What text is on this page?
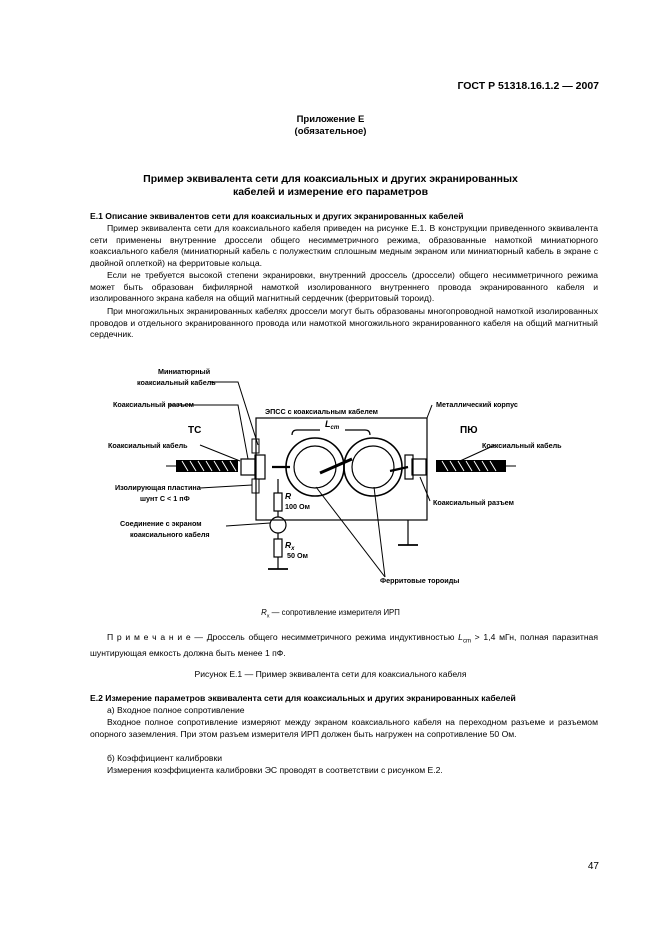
ГОСТ Р 51318.16.1.2 — 2007
Приложение Е
(обязательное)
Пример эквивалента сети для коаксиальных и других экранированных
кабелей и измерение его параметров
Е.1 Описание эквивалентов сети для коаксиальных и других экранированных кабелей
Пример эквивалента сети для коаксиального кабеля приведен на рисунке Е.1. В конструкции приведенного эквивалента сети применены внутренние дроссели общего несимметричного режима, образованные намоткой миниатюрного коаксиального кабеля (миниатюрный кабель с полужестким сплошным медным экраном или миниатюрный кабель в экране с двойной оплеткой) на ферритовые кольца.
Если не требуется высокой степени экранировки, внутренний дроссель (дроссели) общего несимметричного режима может быть образован бифилярной намоткой изолированного внутреннего провода экранированного кабеля и изолированного экрана кабеля на общий магнитный сердечник (ферритовый тороид).
При многожильных экранированных кабелях дроссели могут быть образованы многопроводной намоткой изолированных проводов и отдельного экранированного провода или намоткой многожильного экранированного кабеля на общий магнитный сердечник.
Миниатюрный
коаксиальный кабель
Коаксиальный разъем
ЭПСС с коаксиальным кабелем
Металлический корпус
Коаксиальный кабель	Коаксиальный кабель
Изолирующая пластина
шунт С < 1 пФ
Соединение с экраном
коаксиального кабеля
100 Ом
50 Ом
Коаксиальный разъем
Ферритовые тороиды
ТС	ПЮ
$L_{cm}$
R
$R_x$
$R_x$ — сопротивление измерителя ИРП
П р и м е ч а н и е — Дроссель общего несимметричного режима индуктивностью $L_{cm} > 1,4$ мГн, полная паразитная шунтирующая емкость должна быть менее 1 пФ.
Рисунок Е.1 — Пример эквивалента сети для коаксиального кабеля
Е.2 Измерение параметров эквивалента сети для коаксиальных и других экранированных кабелей
а) Входное полное сопротивление
Входное полное сопротивление измеряют между экраном коаксиального кабеля на переходном разъеме и разъемом опорного заземления. При этом разъем измерителя ИРП должен быть нагружен на сопротивление 50 Ом.
б) Коэффициент калибровки
Измерения коэффициента калибровки ЭС проводят в соответствии с рисунком Е.2.
47
